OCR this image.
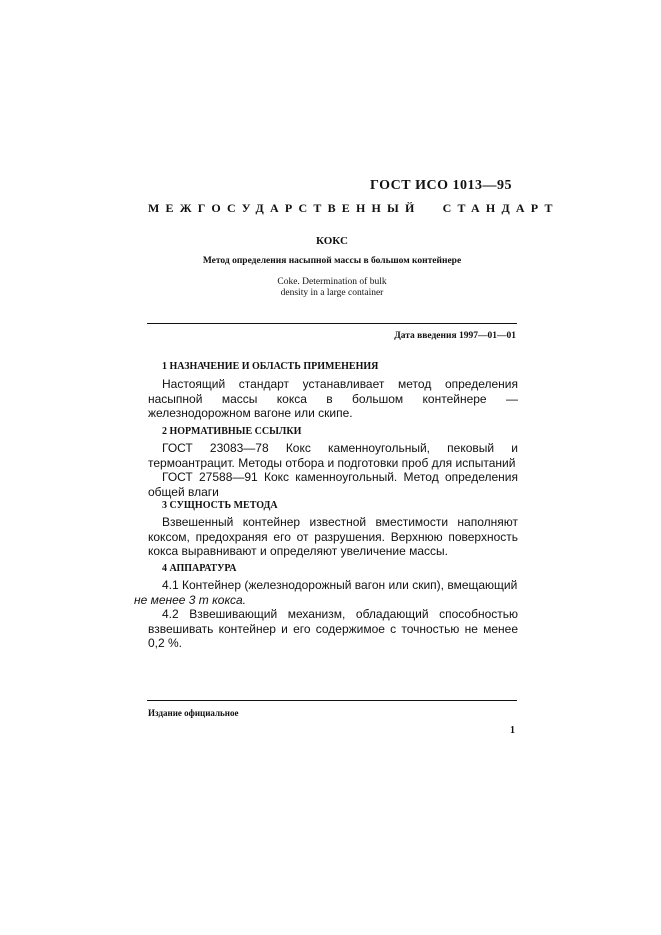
ГОСТ ИСО 1013—95
МЕЖГОСУДАРСТВЕННЫЙ СТАНДАРТ
КОКС
Метод определения насыпной массы в большом контейнере
Coke. Determination of bulk
density in a large container
Дата введения 1997—01—01
1 НАЗНАЧЕНИЕ И ОБЛАСТЬ ПРИМЕНЕНИЯ

Настоящий стандарт устанавливает метод определения насыпной массы кокса в большом контейнере — железнодорожном вагоне или скипе.

2 НОРМАТИВНЫЕ ССЫЛКИ

ГОСТ 23083—78 Кокс каменноугольный, пековый и термоантрацит. Методы отбора и подготовки проб для испытаний

ГОСТ 27588—91 Кокс каменноугольный. Метод определения общей влаги

3 СУЩНОСТЬ МЕТОДА

Взвешенный контейнер известной вместимости наполняют коксом, предохраняя его от разрушения. Верхнюю поверхность кокса выравнивают и определяют увеличение массы.

4 АППАРАТУРА

4.1 Контейнер (железнодорожный вагон или скип), вмещающий
не менее 3 т кокса.

4.2 Взвешивающий механизм, обладающий способностью взвешивать контейнер и его содержимое с точностью не менее 0,2 %.

Издание официальное
1
